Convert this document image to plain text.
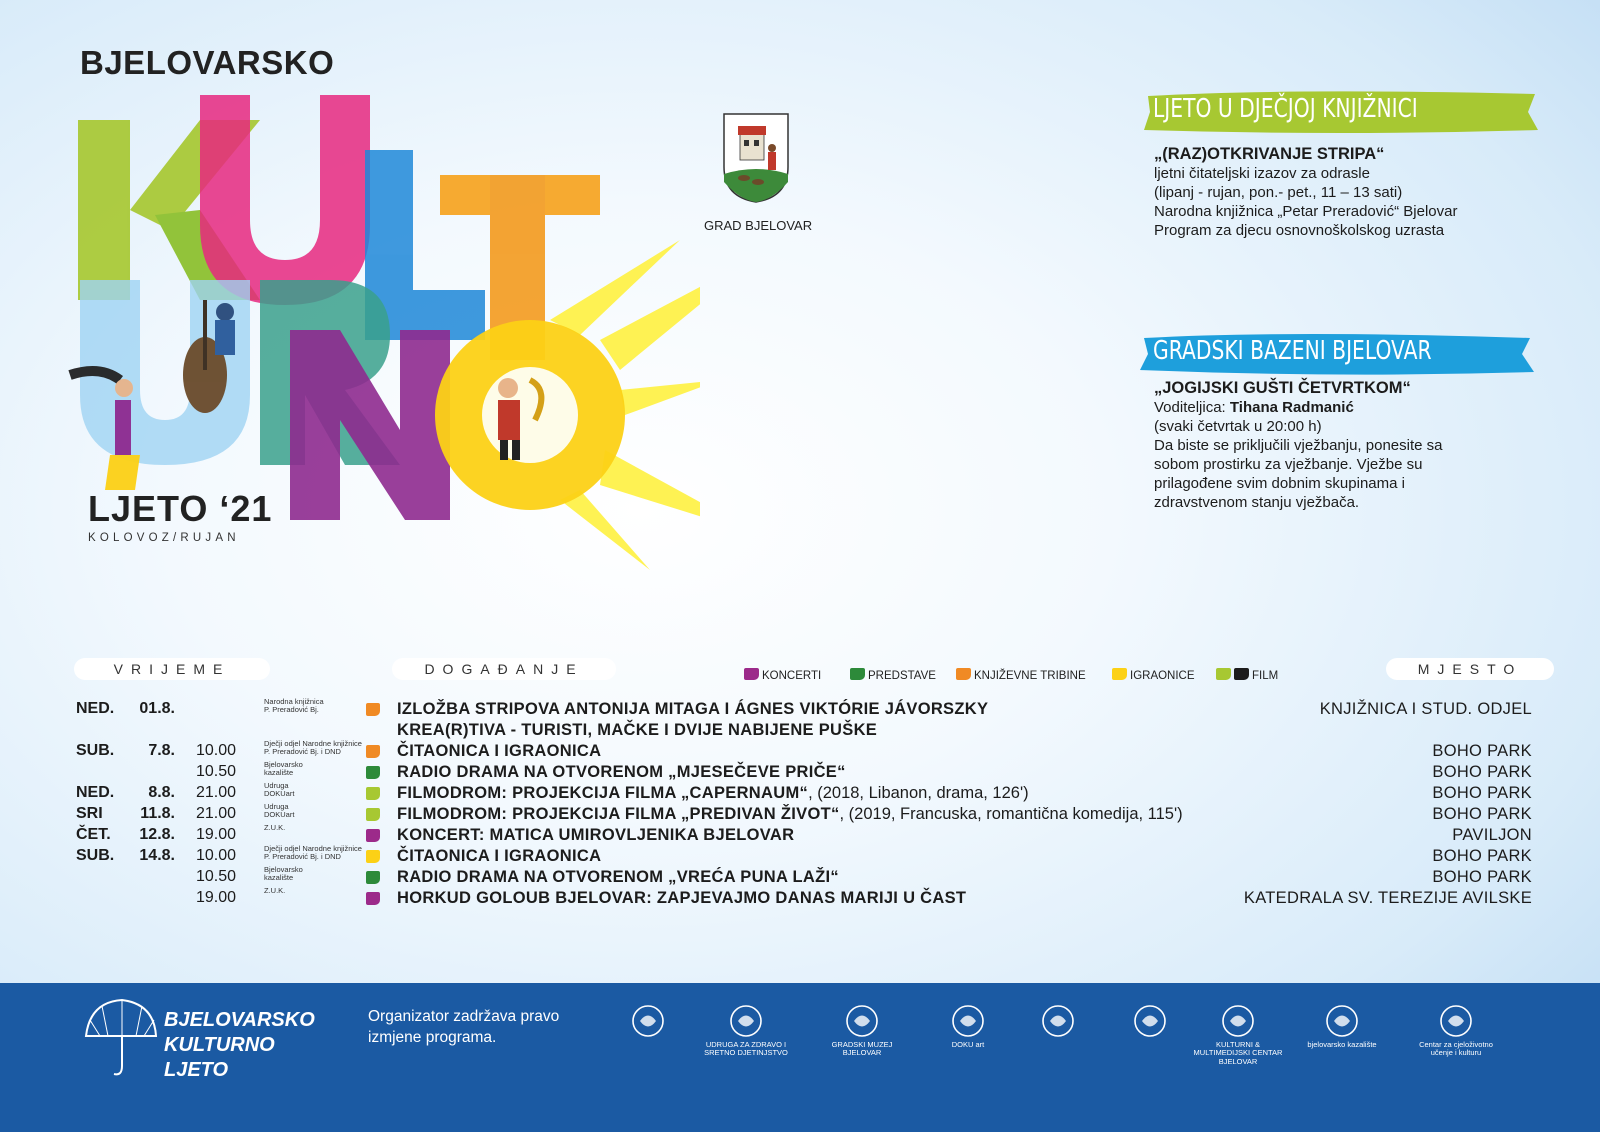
BJELOVARSKO
LJETO ‘21
KOLOVOZ/RUJAN
GRAD BJELOVAR
LJETO U DJEČJOJ KNJIŽNICI
„(RAZ)OTKRIVANJE STRIPA“
ljetni čitateljski izazov za odrasle
(lipanj - rujan, pon.- pet., 11 – 13 sati)
Narodna knjižnica „Petar Preradović“ Bjelovar
Program za djecu osnovnoškolskog uzrasta
GRADSKI BAZENI BJELOVAR
„JOGIJSKI GUŠTI ČETVRTKOM“
Voditeljica: Tihana Radmanić
(svaki četvrtak u 20:00 h)
Da biste se priključili vježbanju, ponesite sa
sobom prostirku za vježbanje. Vježbe su
prilagođene svim dobnim skupinama i
zdravstvenom stanju vježbača.
VRIJEME	DOGAĐANJE	MJESTO
KONCERTI	PREDSTAVE	KNJIŽEVNE TRIBINE	IGRAONICE	FILM
NED. 01.8.	Narodna knjižnica
P. Preradović Bj.	IZLOŽBA STRIPOVA ANTONIJA MITAGA I ÁGNES VIKTÓRIE JÁVORSZKY	KNJIŽNICA I STUD. ODJEL
KREA(R)TIVA - TURISTI, MAČKE I DVIJE NABIJENE PUŠKE
SUB. 7.8. 10.00	Dječji odjel Narodne knjižnice
P. Preradović Bj. i DND	ČITAONICA I IGRAONICA	BOHO PARK
10.50	Bjelovarsko
kazalište	RADIO DRAMA NA OTVORENOM „MJESEČEVE PRIČE“	BOHO PARK
NED. 8.8. 21.00	Udruga
DOKUart	FILMODROM: PROJEKCIJA FILMA „CAPERNAUM“, (2018, Libanon, drama, 126')	BOHO PARK
SRI 11.8. 21.00	Udruga
DOKUart	FILMODROM: PROJEKCIJA FILMA „PREDIVAN ŽIVOT“, (2019, Francuska, romantična komedija, 115')	BOHO PARK
ČET. 12.8. 19.00	Z.U.K.	KONCERT: MATICA UMIROVLJENIKA BJELOVAR	PAVILJON
SUB. 14.8. 10.00	Dječji odjel Narodne knjižnice
P. Preradović Bj. i DND	ČITAONICA I IGRAONICA	BOHO PARK
10.50	Bjelovarsko
kazalište	RADIO DRAMA NA OTVORENOM „VREĆA PUNA LAŽI“	BOHO PARK
19.00	Z.U.K.	HORKUD GOLOUB BJELOVAR: ZAPJEVAJMO DANAS MARIJI U ČAST	KATEDRALA SV. TEREZIJE AVILSKE
BJELOVARSKO
KULTURNO
LJETO
Organizator zadržava pravo izmjene programa.	UDRUGA ZA ZDRAVO I SRETNO DJETINJSTVO
GRADSKI MUZEJ BJELOVAR
DOKU art	KULTURNI & MULTIMEDIJSKI CENTAR BJELOVAR
bjelovarsko kazalište	Centar za cjeloživotno učenje i kulturu
